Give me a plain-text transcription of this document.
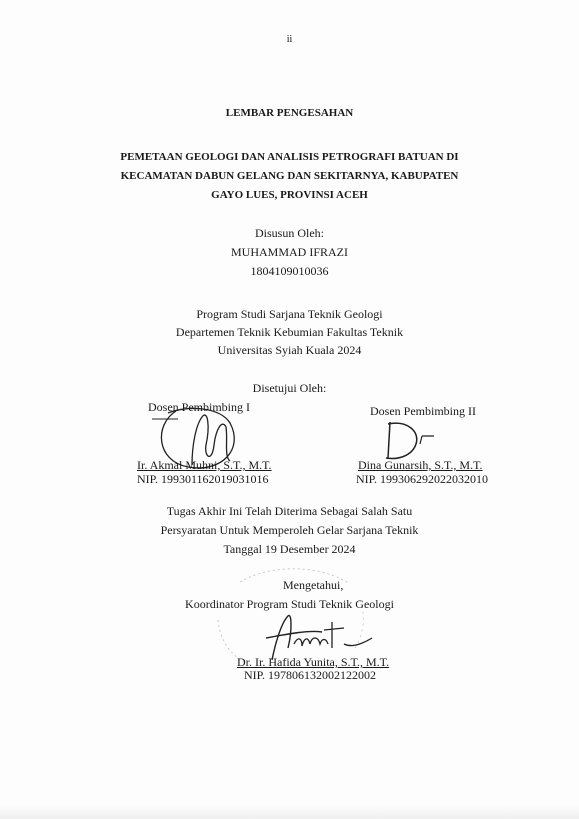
ii
LEMBAR PENGESAHAN
PEMETAAN GEOLOGI DAN ANALISIS PETROGRAFI BATUAN DI
KECAMATAN DABUN GELANG DAN SEKITARNYA, KABUPATEN
GAYO LUES, PROVINSI ACEH
Disusun Oleh:
MUHAMMAD IFRAZI
1804109010036
Program Studi Sarjana Teknik Geologi
Departemen Teknik Kebumian Fakultas Teknik
Universitas Syiah Kuala 2024
Disetujui Oleh:
Dosen Pembimbing I
Ir. Akmal Muhni, S.T., M.T.
NIP. 199301162019031016
Dosen Pembimbing II
Dina Gunarsih, S.T., M.T.
NIP. 199306292022032010
Tugas Akhir Ini Telah Diterima Sebagai Salah Satu
Persyaratan Untuk Memperoleh Gelar Sarjana Teknik
Tanggal 19 Desember 2024
Mengetahui,
Koordinator Program Studi Teknik Geologi
Dr. Ir. Hafida Yunita, S.T., M.T.
NIP. 197806132002122002
